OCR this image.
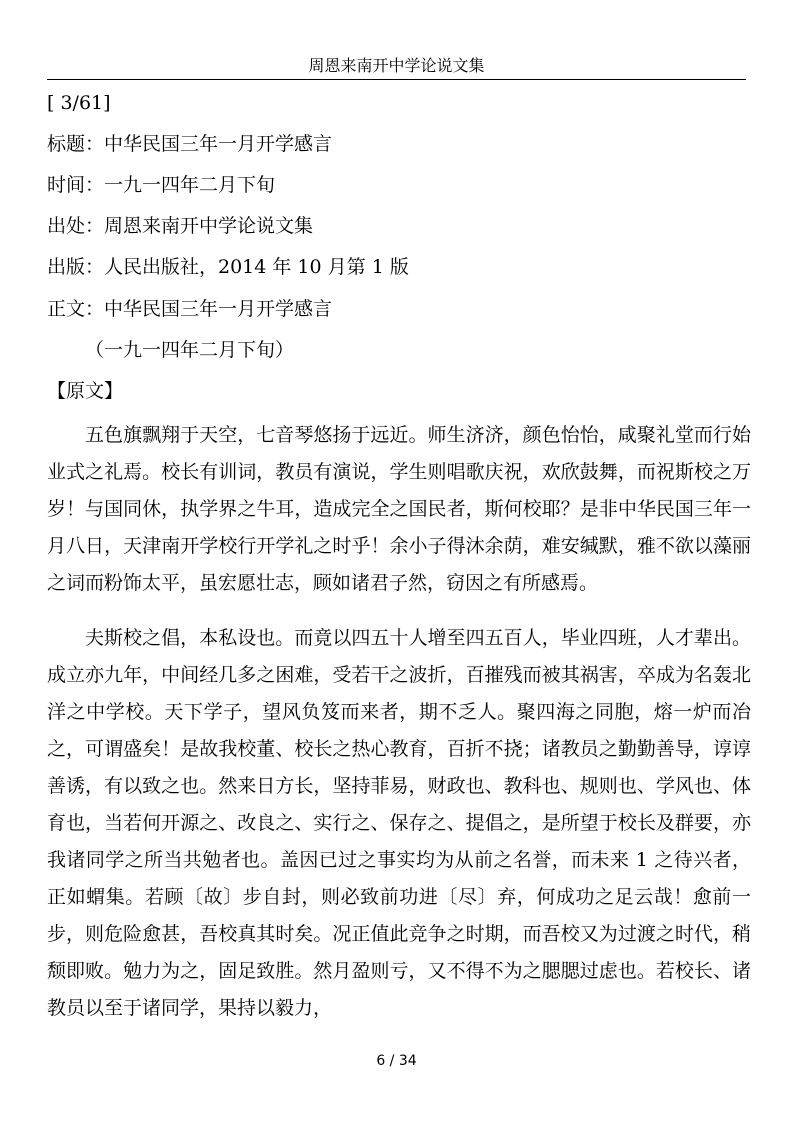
周恩来南开中学论说文集
[ 3/61]
标题：中华民国三年一月开学感言
时间：一九一四年二月下旬
出处：周恩来南开中学论说文集
出版：人民出版社，2014 年 10 月第 1 版
正文：中华民国三年一月开学感言
（一九一四年二月下旬）
【原文】

五色旗飘翔于天空，七音琴悠扬于远近。师生济济，颜色怡怡，咸聚礼堂而行始业式之礼焉。校长有训词，教员有演说，学生则唱歌庆祝，欢欣鼓舞，而祝斯校之万岁！与国同休，执学界之牛耳，造成完全之国民者，斯何校耶？是非中华民国三年一月八日，天津南开学校行开学礼之时乎！余小子得沐余荫，难安缄默，雅不欲以藻丽之词而粉饰太平，虽宏愿壮志，顾如诸君子然，窃因之有所感焉。

夫斯校之倡，本私设也。而竟以四五十人增至四五百人，毕业四班，人才辈出。成立亦九年，中间经几多之困难，受若干之波折，百摧残而被其祸害，卒成为名轰北洋之中学校。天下学子，望风负笈而来者，期不乏人。聚四海之同胞，熔一炉而冶之，可谓盛矣！是故我校董、校长之热心教育，百折不挠；诸教员之勤勤善导，谆谆善诱，有以致之也。然来日方长，坚持菲易，财政也、教科也、规则也、学风也、体育也，当若何开源之、改良之、实行之、保存之、提倡之，是所望于校长及群要，亦我诸同学之所当共勉者也。盖因已过之事实均为从前之名誉，而未来 1 之待兴者，正如蝟集。若顾〔故〕步自封，则必致前功进〔尽〕弃，何成功之足云哉！愈前一步，则危险愈甚，吾校真其时矣。况正值此竞争之时期，而吾校又为过渡之时代，稍颓即败。勉力为之，固足致胜。然月盈则亏，又不得不为之腮腮过虑也。若校长、诸教员以至于诸同学，果持以毅力，

6 / 34
